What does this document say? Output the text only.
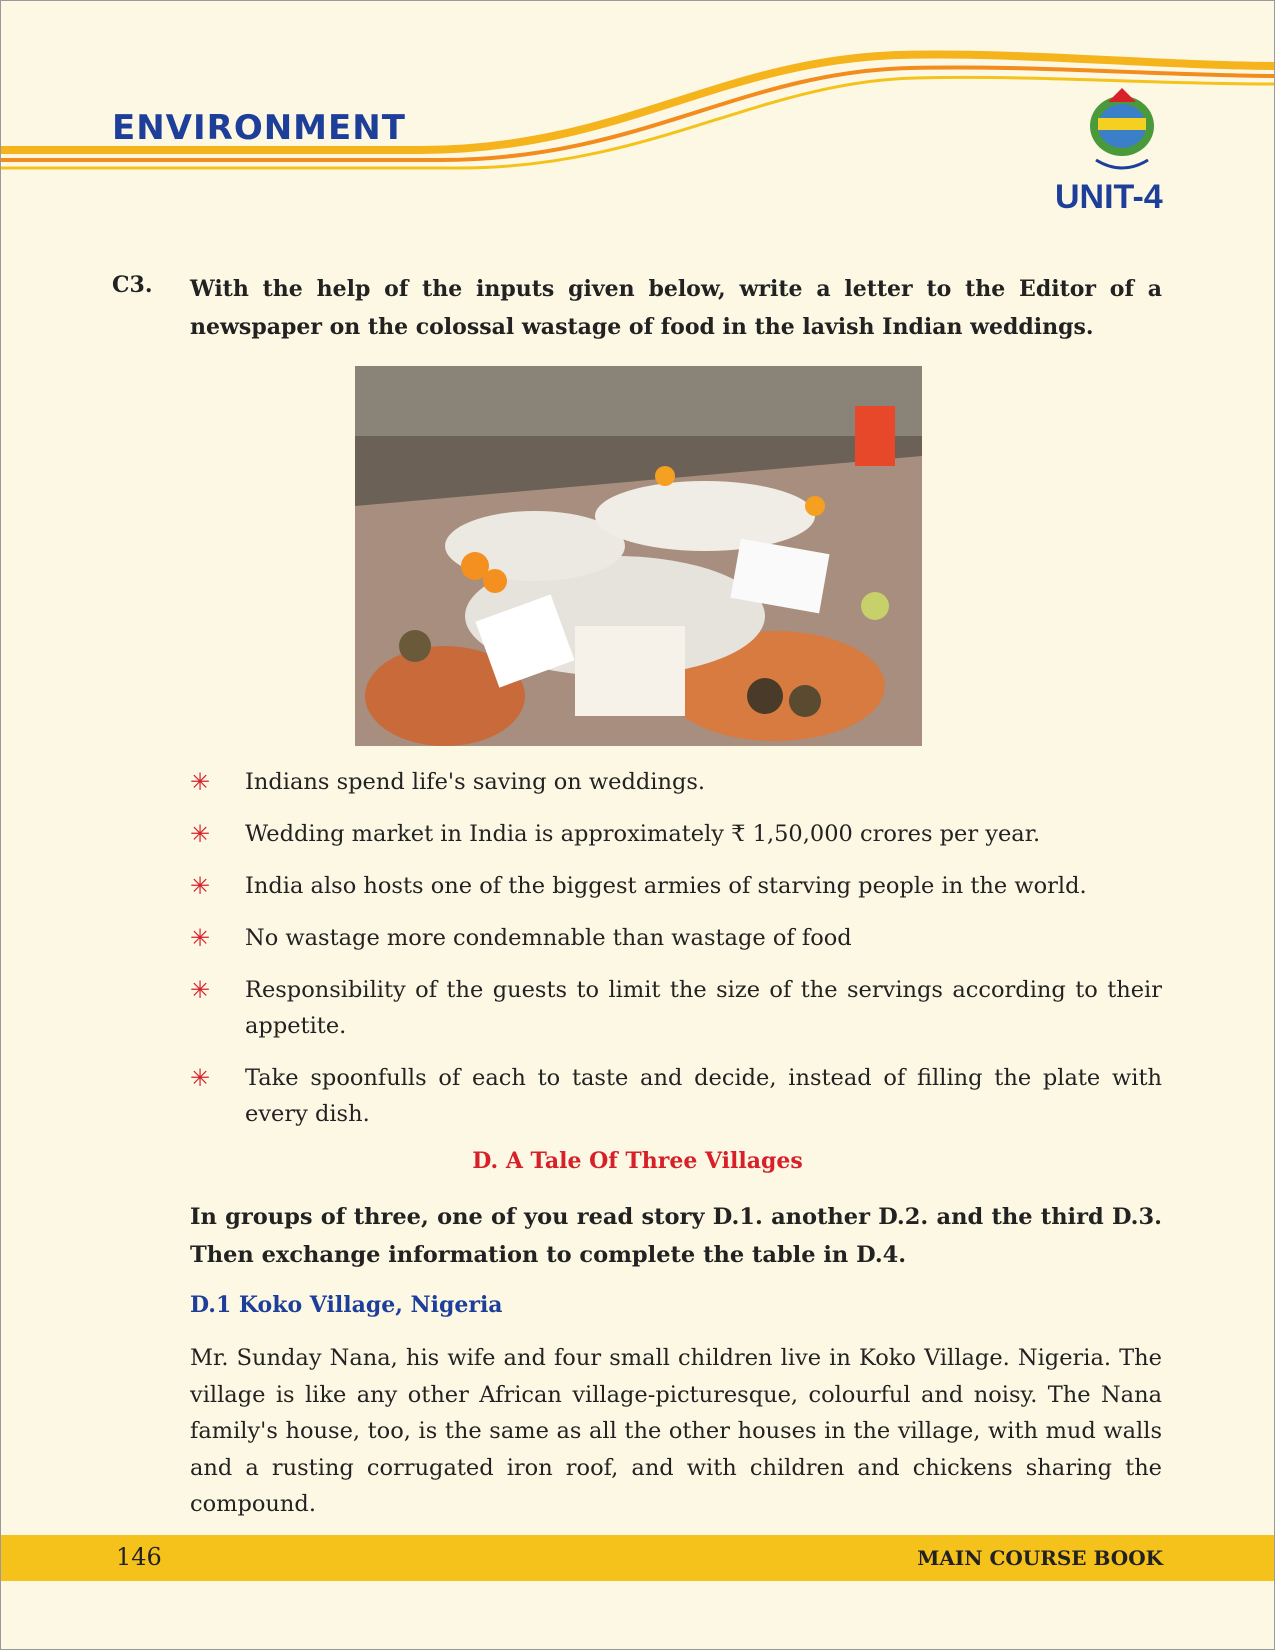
ENVIRONMENT
UNIT-4
C3. With the help of the inputs given below, write a letter to the Editor of a newspaper on the colossal wastage of food in the lavish Indian weddings.
✳ Indians spend life's saving on weddings.
✳ Wedding market in India is approximately ₹ 1,50,000 crores per year.
✳ India also hosts one of the biggest armies of starving people in the world.
✳ No wastage more condemnable than wastage of food
✳ Responsibility of the guests to limit the size of the servings according to their appetite.
✳ Take spoonfulls of each to taste and decide, instead of filling the plate with every dish.
D. A Tale Of Three Villages
In groups of three, one of you read story D.1. another D.2. and the third D.3. Then exchange information to complete the table in D.4.
D.1 Koko Village, Nigeria
Mr. Sunday Nana, his wife and four small children live in Koko Village. Nigeria. The village is like any other African village-picturesque, colourful and noisy. The Nana family's house, too, is the same as all the other houses in the village, with mud walls and a rusting corrugated iron roof, and with children and chickens sharing the compound.
146	MAIN COURSE BOOK
